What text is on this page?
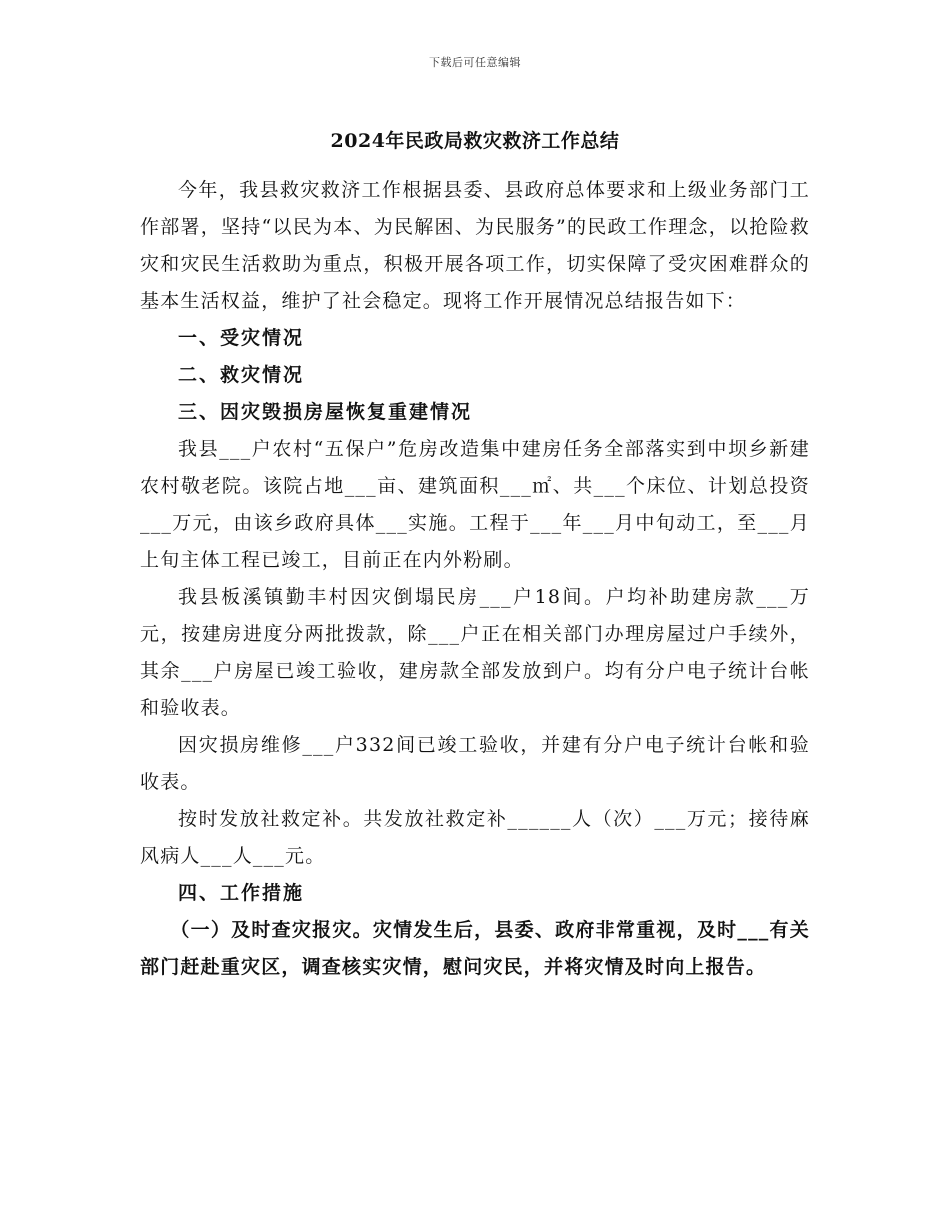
下载后可任意编辑
2024年民政局救灾救济工作总结

今年，我县救灾救济工作根据县委、县政府总体要求和上级业务部门工作部署，坚持“以民为本、为民解困、为民服务”的民政工作理念，以抢险救灾和灾民生活救助为重点，积极开展各项工作，切实保障了受灾困难群众的基本生活权益，维护了社会稳定。现将工作开展情况总结报告如下：

一、受灾情况

二、救灾情况

三、因灾毁损房屋恢复重建情况

我县___户农村“五保户”危房改造集中建房任务全部落实到中坝乡新建农村敬老院。该院占地___亩、建筑面积___㎡、共___个床位、计划总投资___万元，由该乡政府具体___实施。工程于___年___月中旬动工，至___月上旬主体工程已竣工，目前正在内外粉刷。

我县板溪镇勤丰村因灾倒塌民房___户18间。户均补助建房款___万元，按建房进度分两批拨款，除___户正在相关部门办理房屋过户手续外，其余___户房屋已竣工验收，建房款全部发放到户。均有分户电子统计台帐和验收表。

因灾损房维修___户332间已竣工验收，并建有分户电子统计台帐和验收表。

按时发放社救定补。共发放社救定补______人（次）___万元；接待麻风病人___人___元。

四、工作措施

（一）及时查灾报灾。灾情发生后，县委、政府非常重视，及时___有关部门赶赴重灾区，调查核实灾情，慰问灾民，并将灾情及时向上报告。
